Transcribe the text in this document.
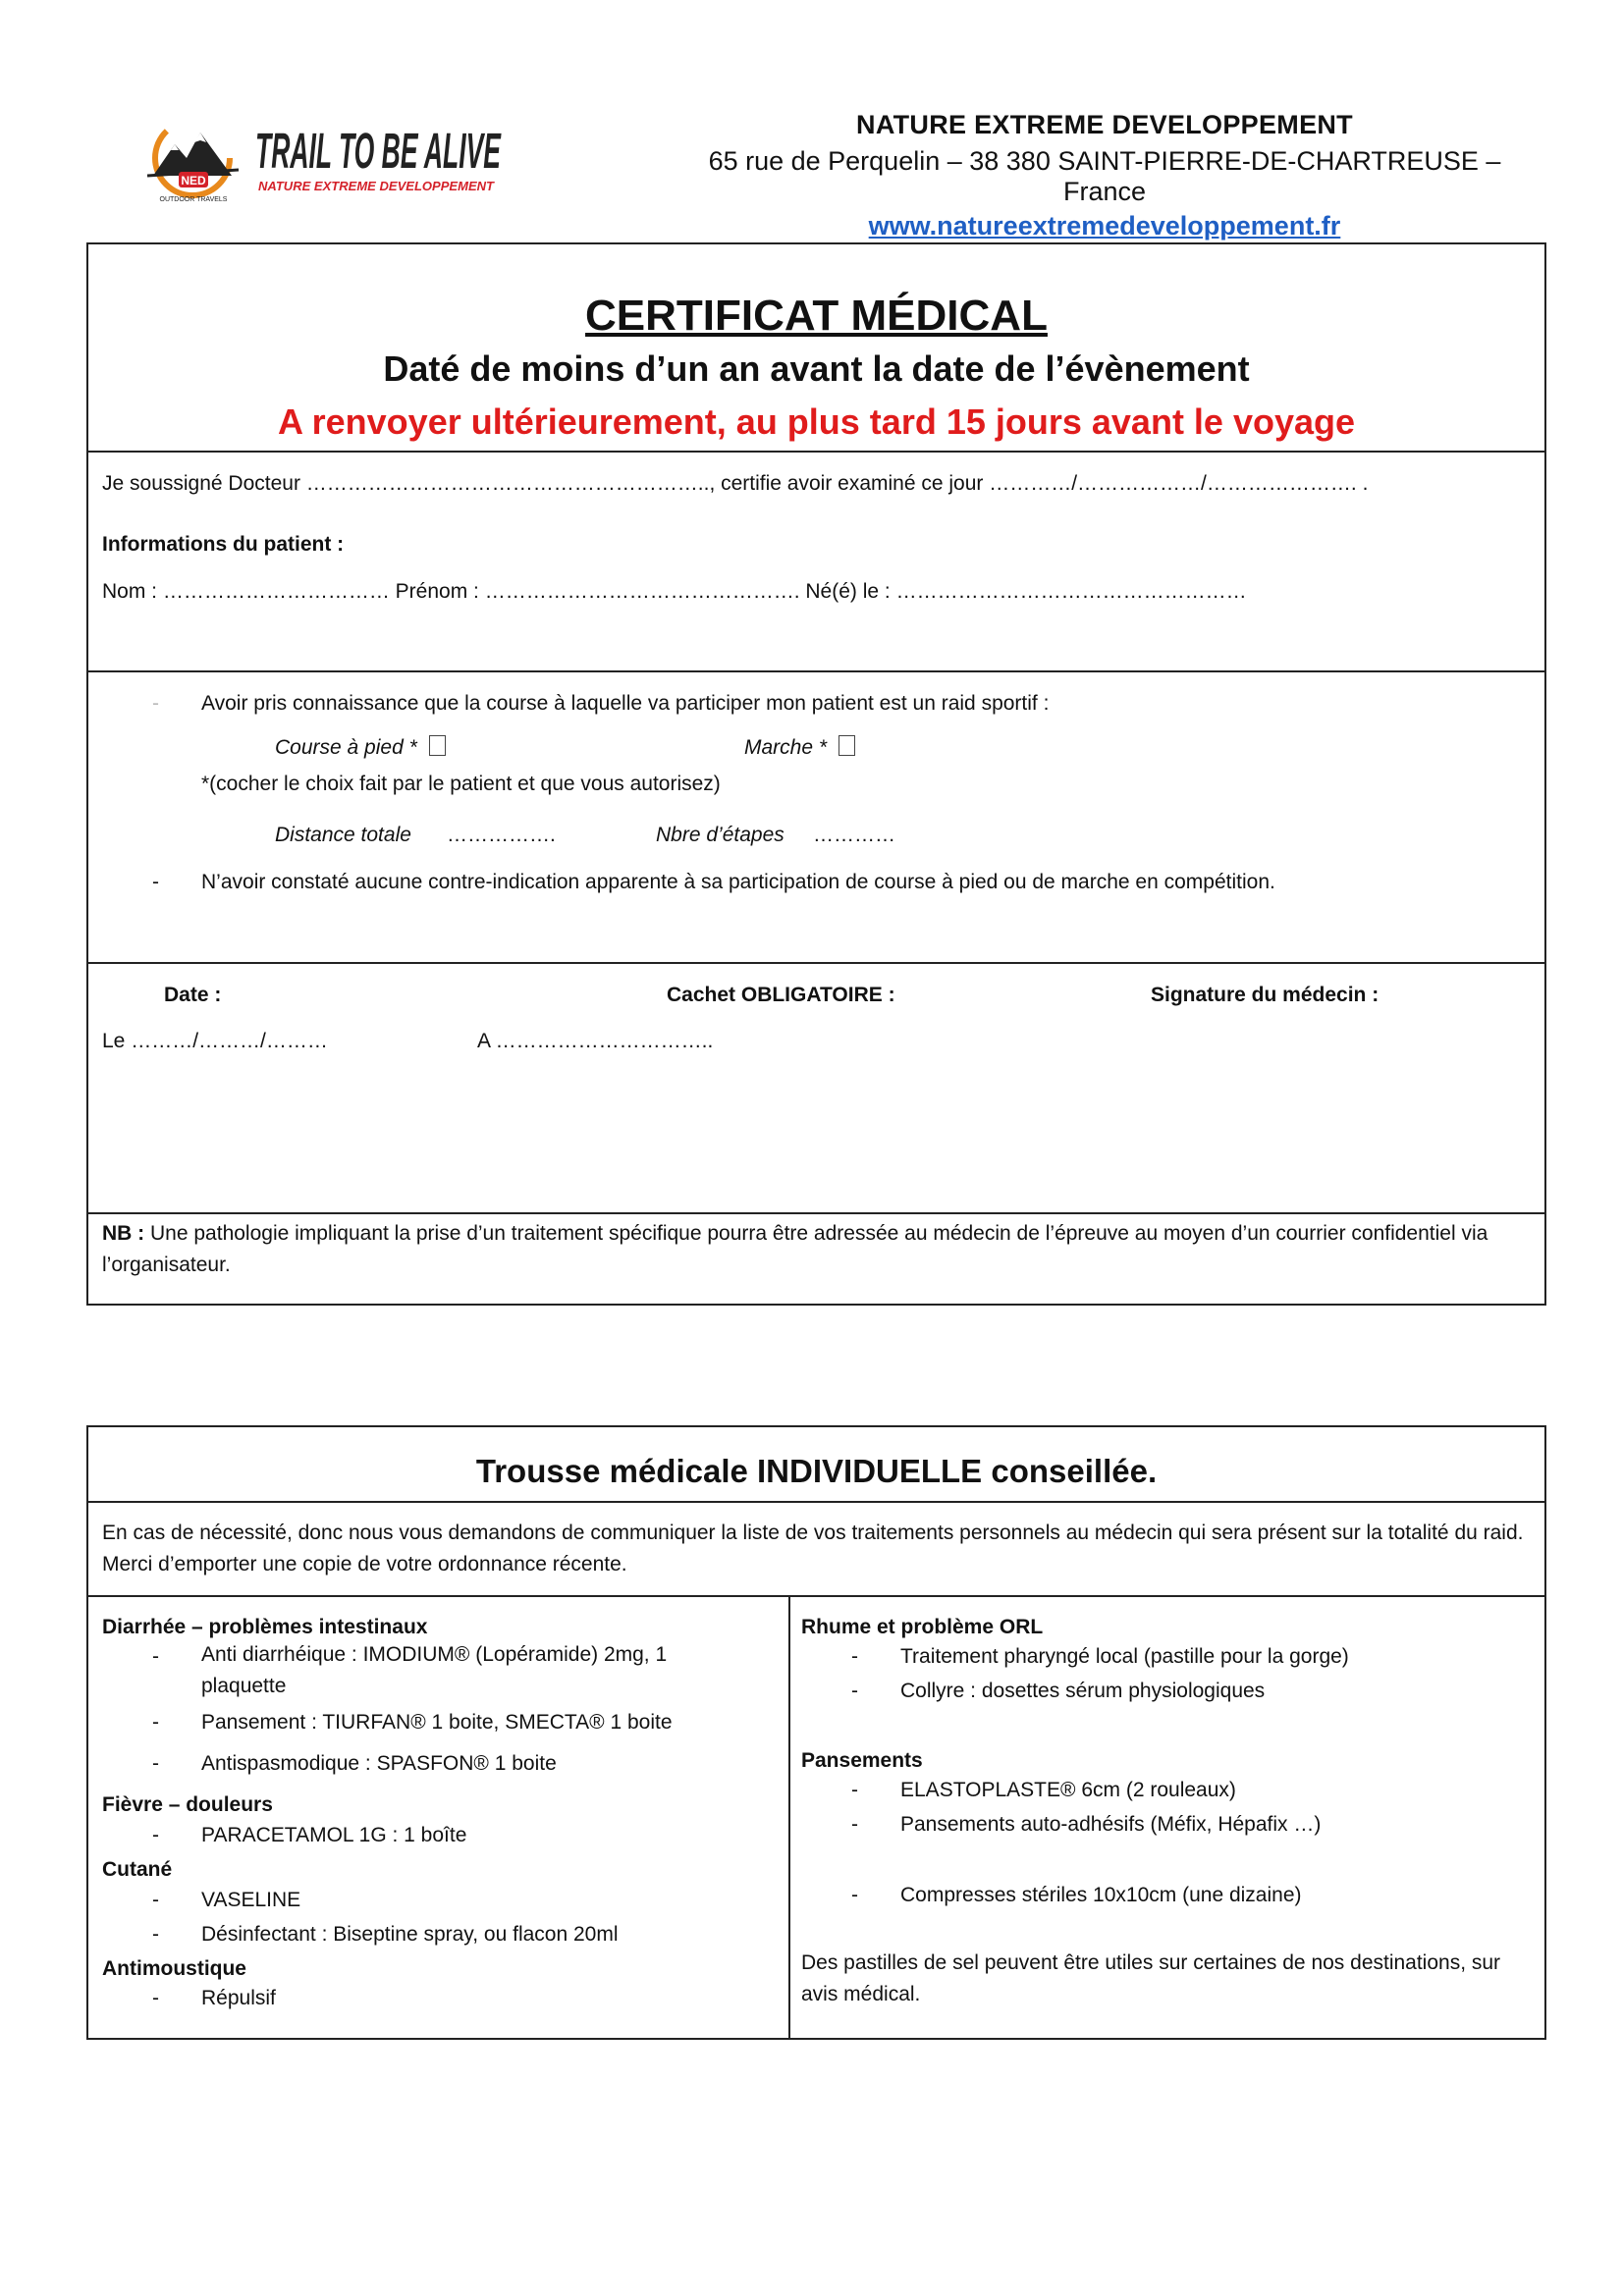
NED
OUTDOOR TRAVELS
TRAIL TO BE ALIVE
NATURE EXTREME DEVELOPPEMENT
NATURE EXTREME DEVELOPPEMENT
65 rue de Perquelin – 38 380 SAINT-PIERRE-DE-CHARTREUSE – France
www.natureextremedeveloppement.fr
CERTIFICAT MÉDICAL
Daté de moins d’un an avant la date de l’évènement
A renvoyer ultérieurement, au plus tard 15 jours avant le voyage
Je soussigné Docteur ………………………………………………….., certifie avoir examiné ce jour …………/………………/…………………. .
Informations du patient :
Nom : …………………………… Prénom : ………………………………………. Né(é) le : ……………………………………………
- Avoir pris connaissance que la course à laquelle va participer mon patient est un raid sportif :
Course à pied *	Marche *
*(cocher le choix fait par le patient et que vous autorisez)
Distance totale …………….	Nbre d’étapes …………
- N’avoir constaté aucune contre-indication apparente à sa participation de course à pied ou de marche en compétition.
Date :	Cachet OBLIGATOIRE :	Signature du médecin :
Le ………/………/………	A …………………………..
NB : Une pathologie impliquant la prise d’un traitement spécifique pourra être adressée au médecin de l’épreuve au moyen d’un courrier confidentiel via l’organisateur.
Trousse médicale INDIVIDUELLE conseillée.
En cas de nécessité, donc nous vous demandons de communiquer la liste de vos traitements personnels au médecin qui sera présent sur la totalité du raid. Merci d’emporter une copie de votre ordonnance récente.
Diarrhée – problèmes intestinaux
- Anti diarrhéique : IMODIUM® (Lopéramide) 2mg, 1 plaquette
- Pansement : TIURFAN® 1 boite, SMECTA® 1 boite
- Antispasmodique : SPASFON® 1 boite
Fièvre – douleurs
- PARACETAMOL 1G : 1 boîte
Cutané
- VASELINE
- Désinfectant : Biseptine spray, ou flacon 20ml
Antimoustique
- Répulsif
Rhume et problème ORL
- Traitement pharyngé local (pastille pour la gorge)
- Collyre : dosettes sérum physiologiques
Pansements
- ELASTOPLASTE® 6cm (2 rouleaux)
- Pansements auto-adhésifs (Méfix, Hépafix …)
- Compresses stériles 10x10cm (une dizaine)
Des pastilles de sel peuvent être utiles sur certaines de nos destinations, sur avis médical.
